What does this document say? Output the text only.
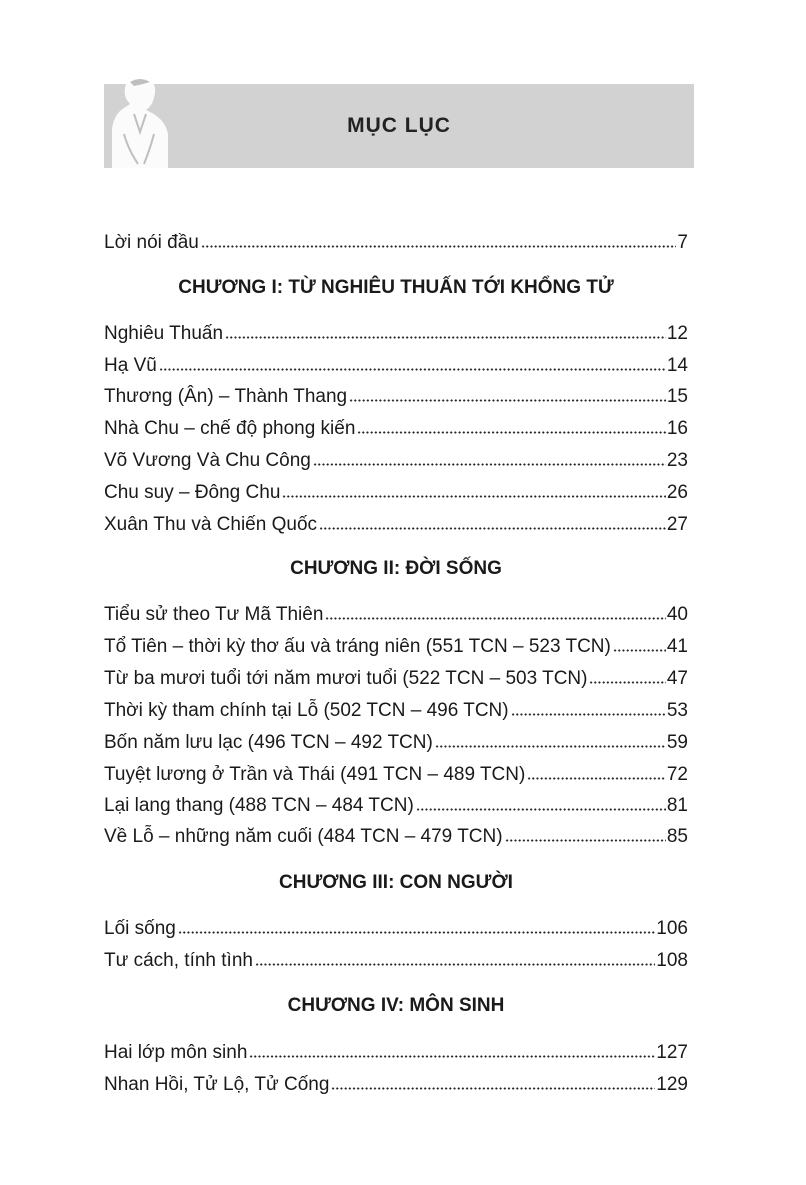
MỤC LỤC
Lời nói đầu	7
CHƯƠNG I: TỪ NGHIÊU THUẤN TỚI KHỔNG TỬ
Nghiêu Thuấn	12
Hạ Vũ	14
Thương (Ân) – Thành Thang	15
Nhà Chu – chế độ phong kiến	16
Võ Vương Và Chu Công	23
Chu suy – Đông Chu	26
Xuân Thu và Chiến Quốc	27
CHƯƠNG II: ĐỜI SỐNG
Tiểu sử theo Tư Mã Thiên	40
Tổ Tiên – thời kỳ thơ ấu và tráng niên (551 TCN – 523 TCN)	41
Từ ba mươi tuổi tới năm mươi tuổi (522 TCN – 503 TCN)	47
Thời kỳ tham chính tại Lỗ (502 TCN – 496 TCN)	53
Bốn năm lưu lạc (496 TCN – 492 TCN)	59
Tuyệt lương ở Trần và Thái (491 TCN – 489 TCN)	72
Lại lang thang (488 TCN – 484 TCN)	81
Về Lỗ – những năm cuối (484 TCN – 479 TCN)	85
CHƯƠNG III: CON NGƯỜI
Lối sống	106
Tư cách, tính tình	108
CHƯƠNG IV: MÔN SINH
Hai lớp môn sinh	127
Nhan Hồi, Tử Lộ, Tử Cống	129
